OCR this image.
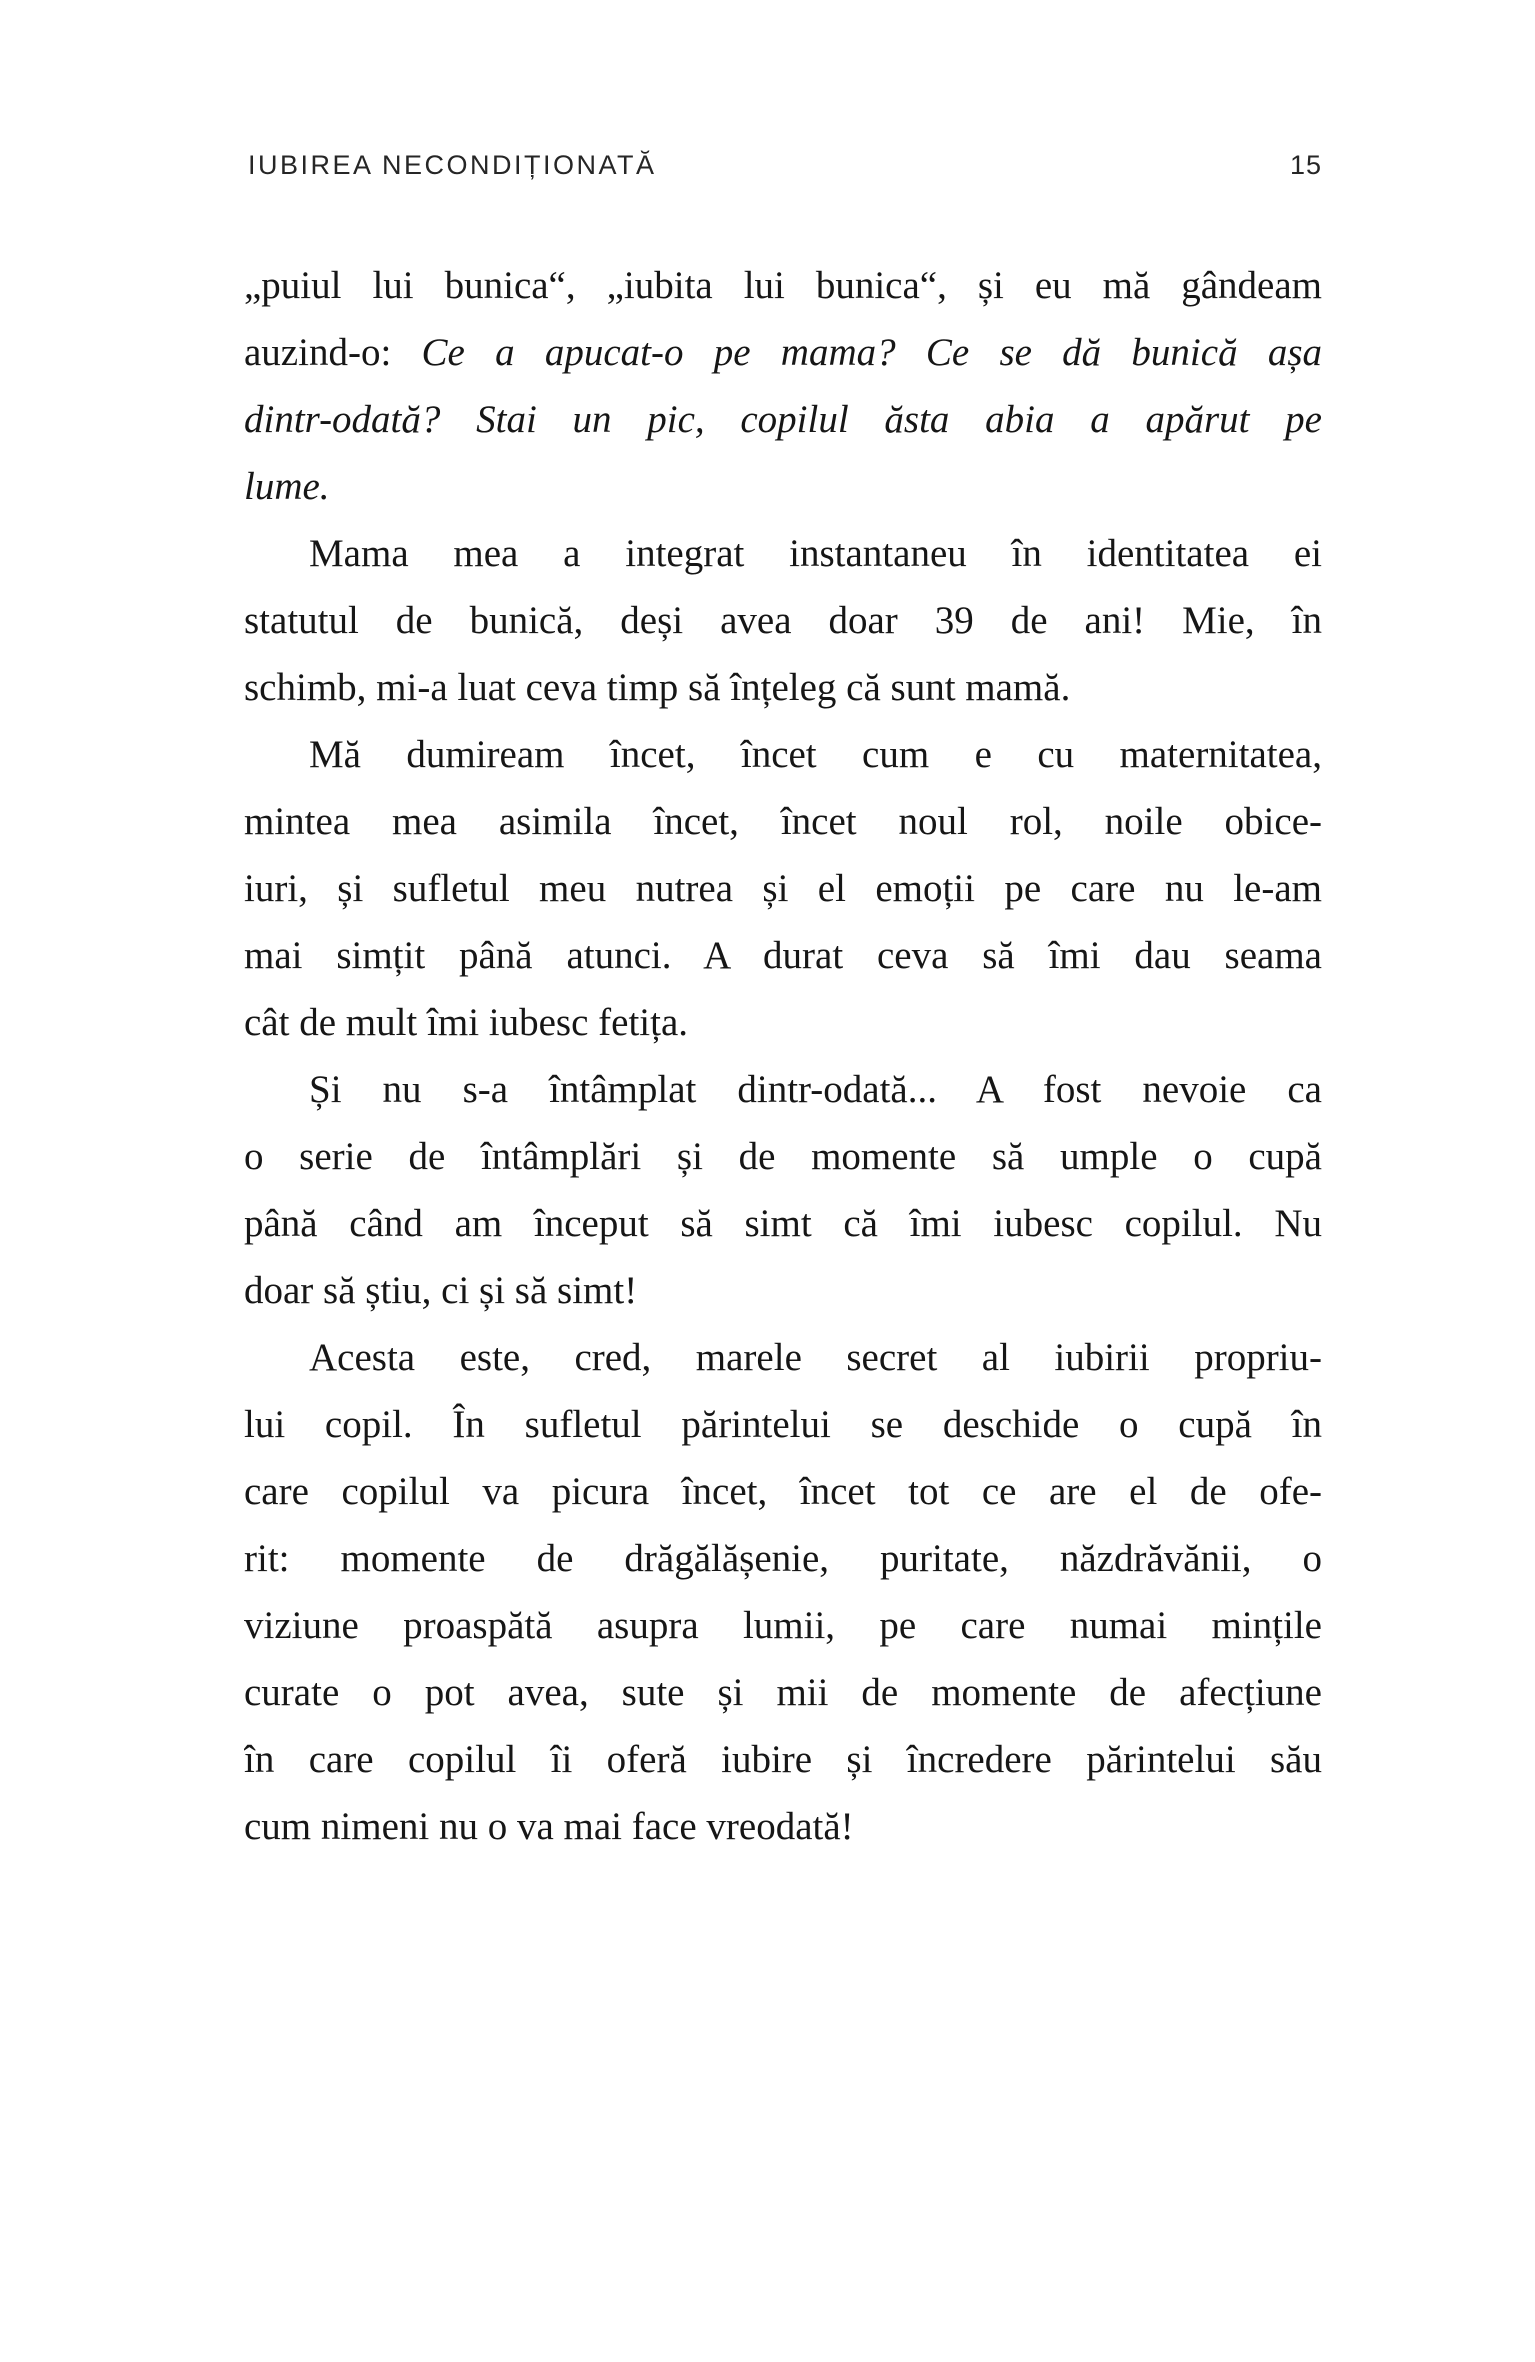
IUBIREA NECONDIȚIONATĂ	15
„puiul lui bunica“, „iubita lui bunica“, și eu mă gândeam
auzind-o: Ce a apucat-o pe mama? Ce se dă bunică așa
dintr-odată? Stai un pic, copilul ăsta abia a apărut pe
lume.
Mama mea a integrat instantaneu în identitatea ei
statutul de bunică, deși avea doar 39 de ani! Mie, în
schimb, mi-a luat ceva timp să înțeleg că sunt mamă.
Mă dumiream încet, încet cum e cu maternitatea,
mintea mea asimila încet, încet noul rol, noile obice-
iuri, și sufletul meu nutrea și el emoții pe care nu le-am
mai simțit până atunci. A durat ceva să îmi dau seama
cât de mult îmi iubesc fetița.
Și nu s-a întâmplat dintr-odată... A fost nevoie ca
o serie de întâmplări și de momente să umple o cupă
până când am început să simt că îmi iubesc copilul. Nu
doar să știu, ci și să simt!
Acesta este, cred, marele secret al iubirii propriu-
lui copil. În sufletul părintelui se deschide o cupă în
care copilul va picura încet, încet tot ce are el de ofe-
rit: momente de drăgălășenie, puritate, năzdrăvănii, o
viziune proaspătă asupra lumii, pe care numai mințile
curate o pot avea, sute și mii de momente de afecțiune
în care copilul îi oferă iubire și încredere părintelui său
cum nimeni nu o va mai face vreodată!
